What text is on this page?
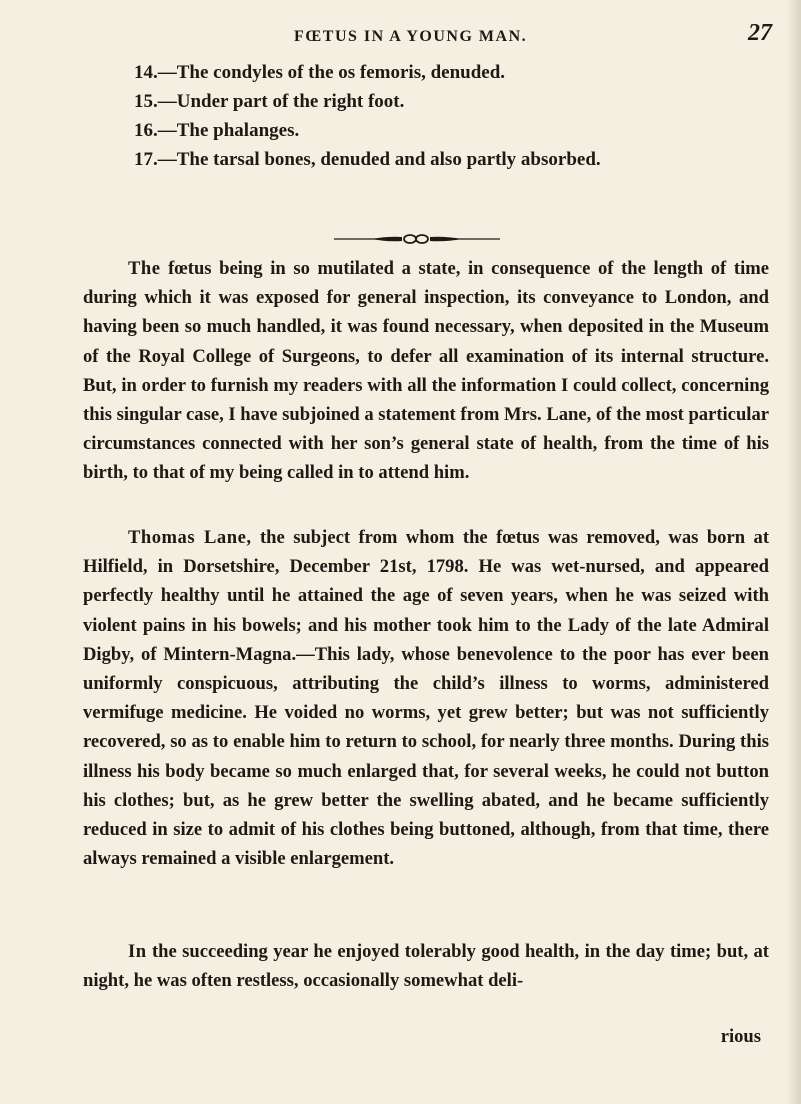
FŒTUS IN A YOUNG MAN.	27
14.—The condyles of the os femoris, denuded.
15.—Under part of the right foot.
16.—The phalanges.
17.—The tarsal bones, denuded and also partly absorbed.

The fœtus being in so mutilated a state, in consequence of the length of time during which it was exposed for general inspection, its conveyance to London, and having been so much handled, it was found necessary, when deposited in the Museum of the Royal College of Surgeons, to defer all examination of its internal structure. But, in order to furnish my readers with all the information I could collect, concerning this singular case, I have subjoined a statement from Mrs. Lane, of the most particular circumstances connected with her son’s general state of health, from the time of his birth, to that of my being called in to attend him.

Thomas Lane, the subject from whom the fœtus was removed, was born at Hilfield, in Dorsetshire, December 21st, 1798. He was wet-nursed, and appeared perfectly healthy until he attained the age of seven years, when he was seized with violent pains in his bowels; and his mother took him to the Lady of the late Admiral Digby, of Mintern-Magna.—This lady, whose benevolence to the poor has ever been uniformly conspicuous, attributing the child’s illness to worms, administered vermifuge medicine. He voided no worms, yet grew better; but was not sufficiently recovered, so as to enable him to return to school, for nearly three months. During this illness his body became so much enlarged that, for several weeks, he could not button his clothes; but, as he grew better the swelling abated, and he became sufficiently reduced in size to admit of his clothes being buttoned, although, from that time, there always remained a visible enlargement.

In the succeeding year he enjoyed tolerably good health, in the day time; but, at night, he was often restless, occasionally somewhat deli-

rious
